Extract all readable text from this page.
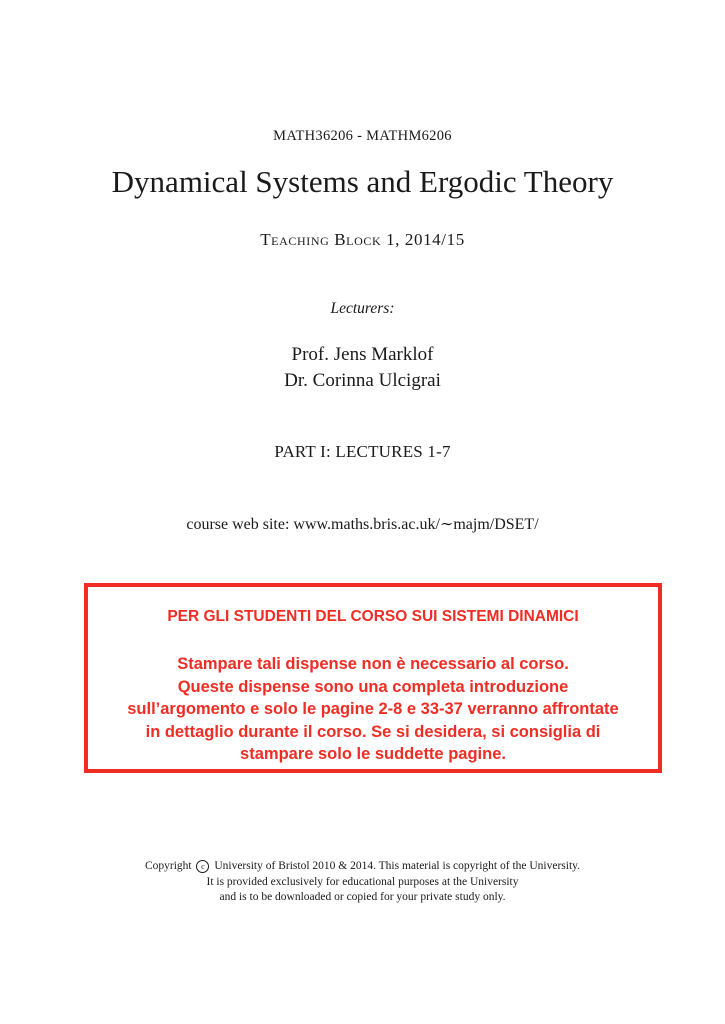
MATH36206 - MATHM6206
Dynamical Systems and Ergodic Theory
Teaching Block 1, 2014/15
Lecturers:
Prof. Jens Marklof
Dr. Corinna Ulcigrai
PART I: LECTURES 1-7
course web site: www.maths.bris.ac.uk/∼majm/DSET/
PER GLI STUDENTI DEL CORSO SUI SISTEMI DINAMICI
Stampare tali dispense non è necessario al corso.
Queste dispense sono una completa introduzione
sull’argomento e solo le pagine 2-8 e 33-37 verranno affrontate
in dettaglio durante il corso. Se si desidera, si consiglia di
stampare solo le suddette pagine.
Copyright c University of Bristol 2010 & 2014. This material is copyright of the University.
It is provided exclusively for educational purposes at the University
and is to be downloaded or copied for your private study only.
